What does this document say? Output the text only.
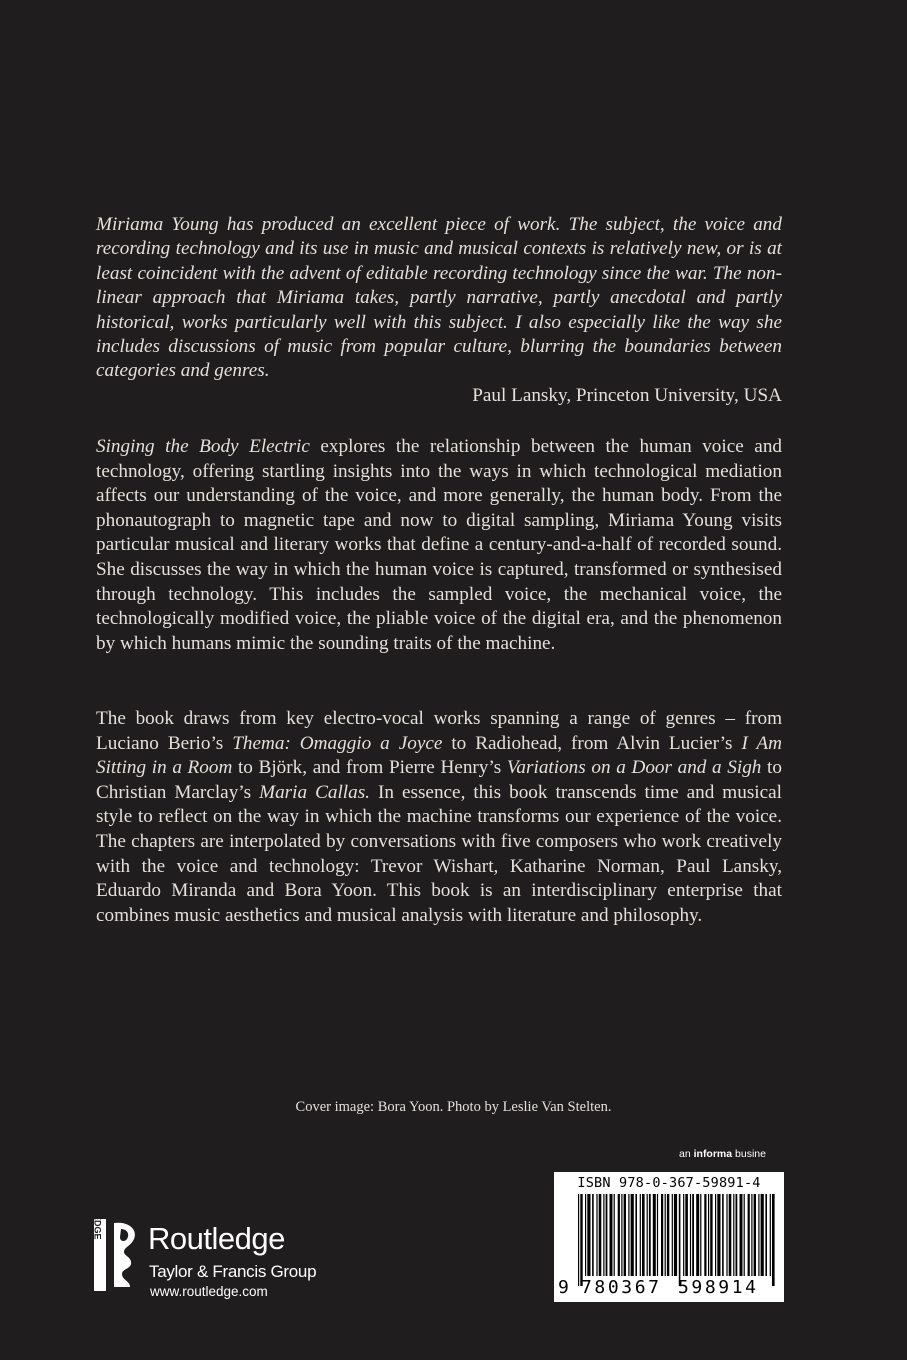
Miriama Young has produced an excellent piece of work. The subject, the voice and recording technology and its use in music and musical contexts is relatively new, or is at least coincident with the advent of editable recording technology since the war. The non-linear approach that Miriama takes, partly narrative, partly anecdotal and partly historical, works particularly well with this subject. I also especially like the way she includes discussions of music from popular culture, blurring the boundaries between categories and genres.

Paul Lansky, Princeton University, USA

Singing the Body Electric explores the relationship between the human voice and technology, offering startling insights into the ways in which technological mediation affects our understanding of the voice, and more generally, the human body. From the phonautograph to magnetic tape and now to digital sampling, Miriama Young visits particular musical and literary works that define a century-and-a-half of recorded sound. She discusses the way in which the human voice is captured, transformed or synthesised through technology. This includes the sampled voice, the mechanical voice, the technologically modified voice, the pliable voice of the digital era, and the phenomenon by which humans mimic the sounding traits of the machine.

The book draws from key electro-vocal works spanning a range of genres – from Luciano Berio’s Thema: Omaggio a Joyce to Radiohead, from Alvin Lucier’s I Am Sitting in a Room to Björk, and from Pierre Henry’s Variations on a Door and a Sigh to Christian Marclay’s Maria Callas. In essence, this book transcends time and musical style to reflect on the way in which the machine transforms our experience of the voice. The chapters are interpolated by conversations with five composers who work creatively with the voice and technology: Trevor Wishart, Katharine Norman, Paul Lansky, Eduardo Miranda and Bora Yoon. This book is an interdisciplinary enterprise that combines music aesthetics and musical analysis with literature and philosophy.

Cover image: Bora Yoon. Photo by Leslie Van Stelten.

an informa busine
ISBN 978-0-367-59891-4
9 780367 598914
ROUTLEDGE Routledge
Taylor & Francis Group
www.routledge.com
